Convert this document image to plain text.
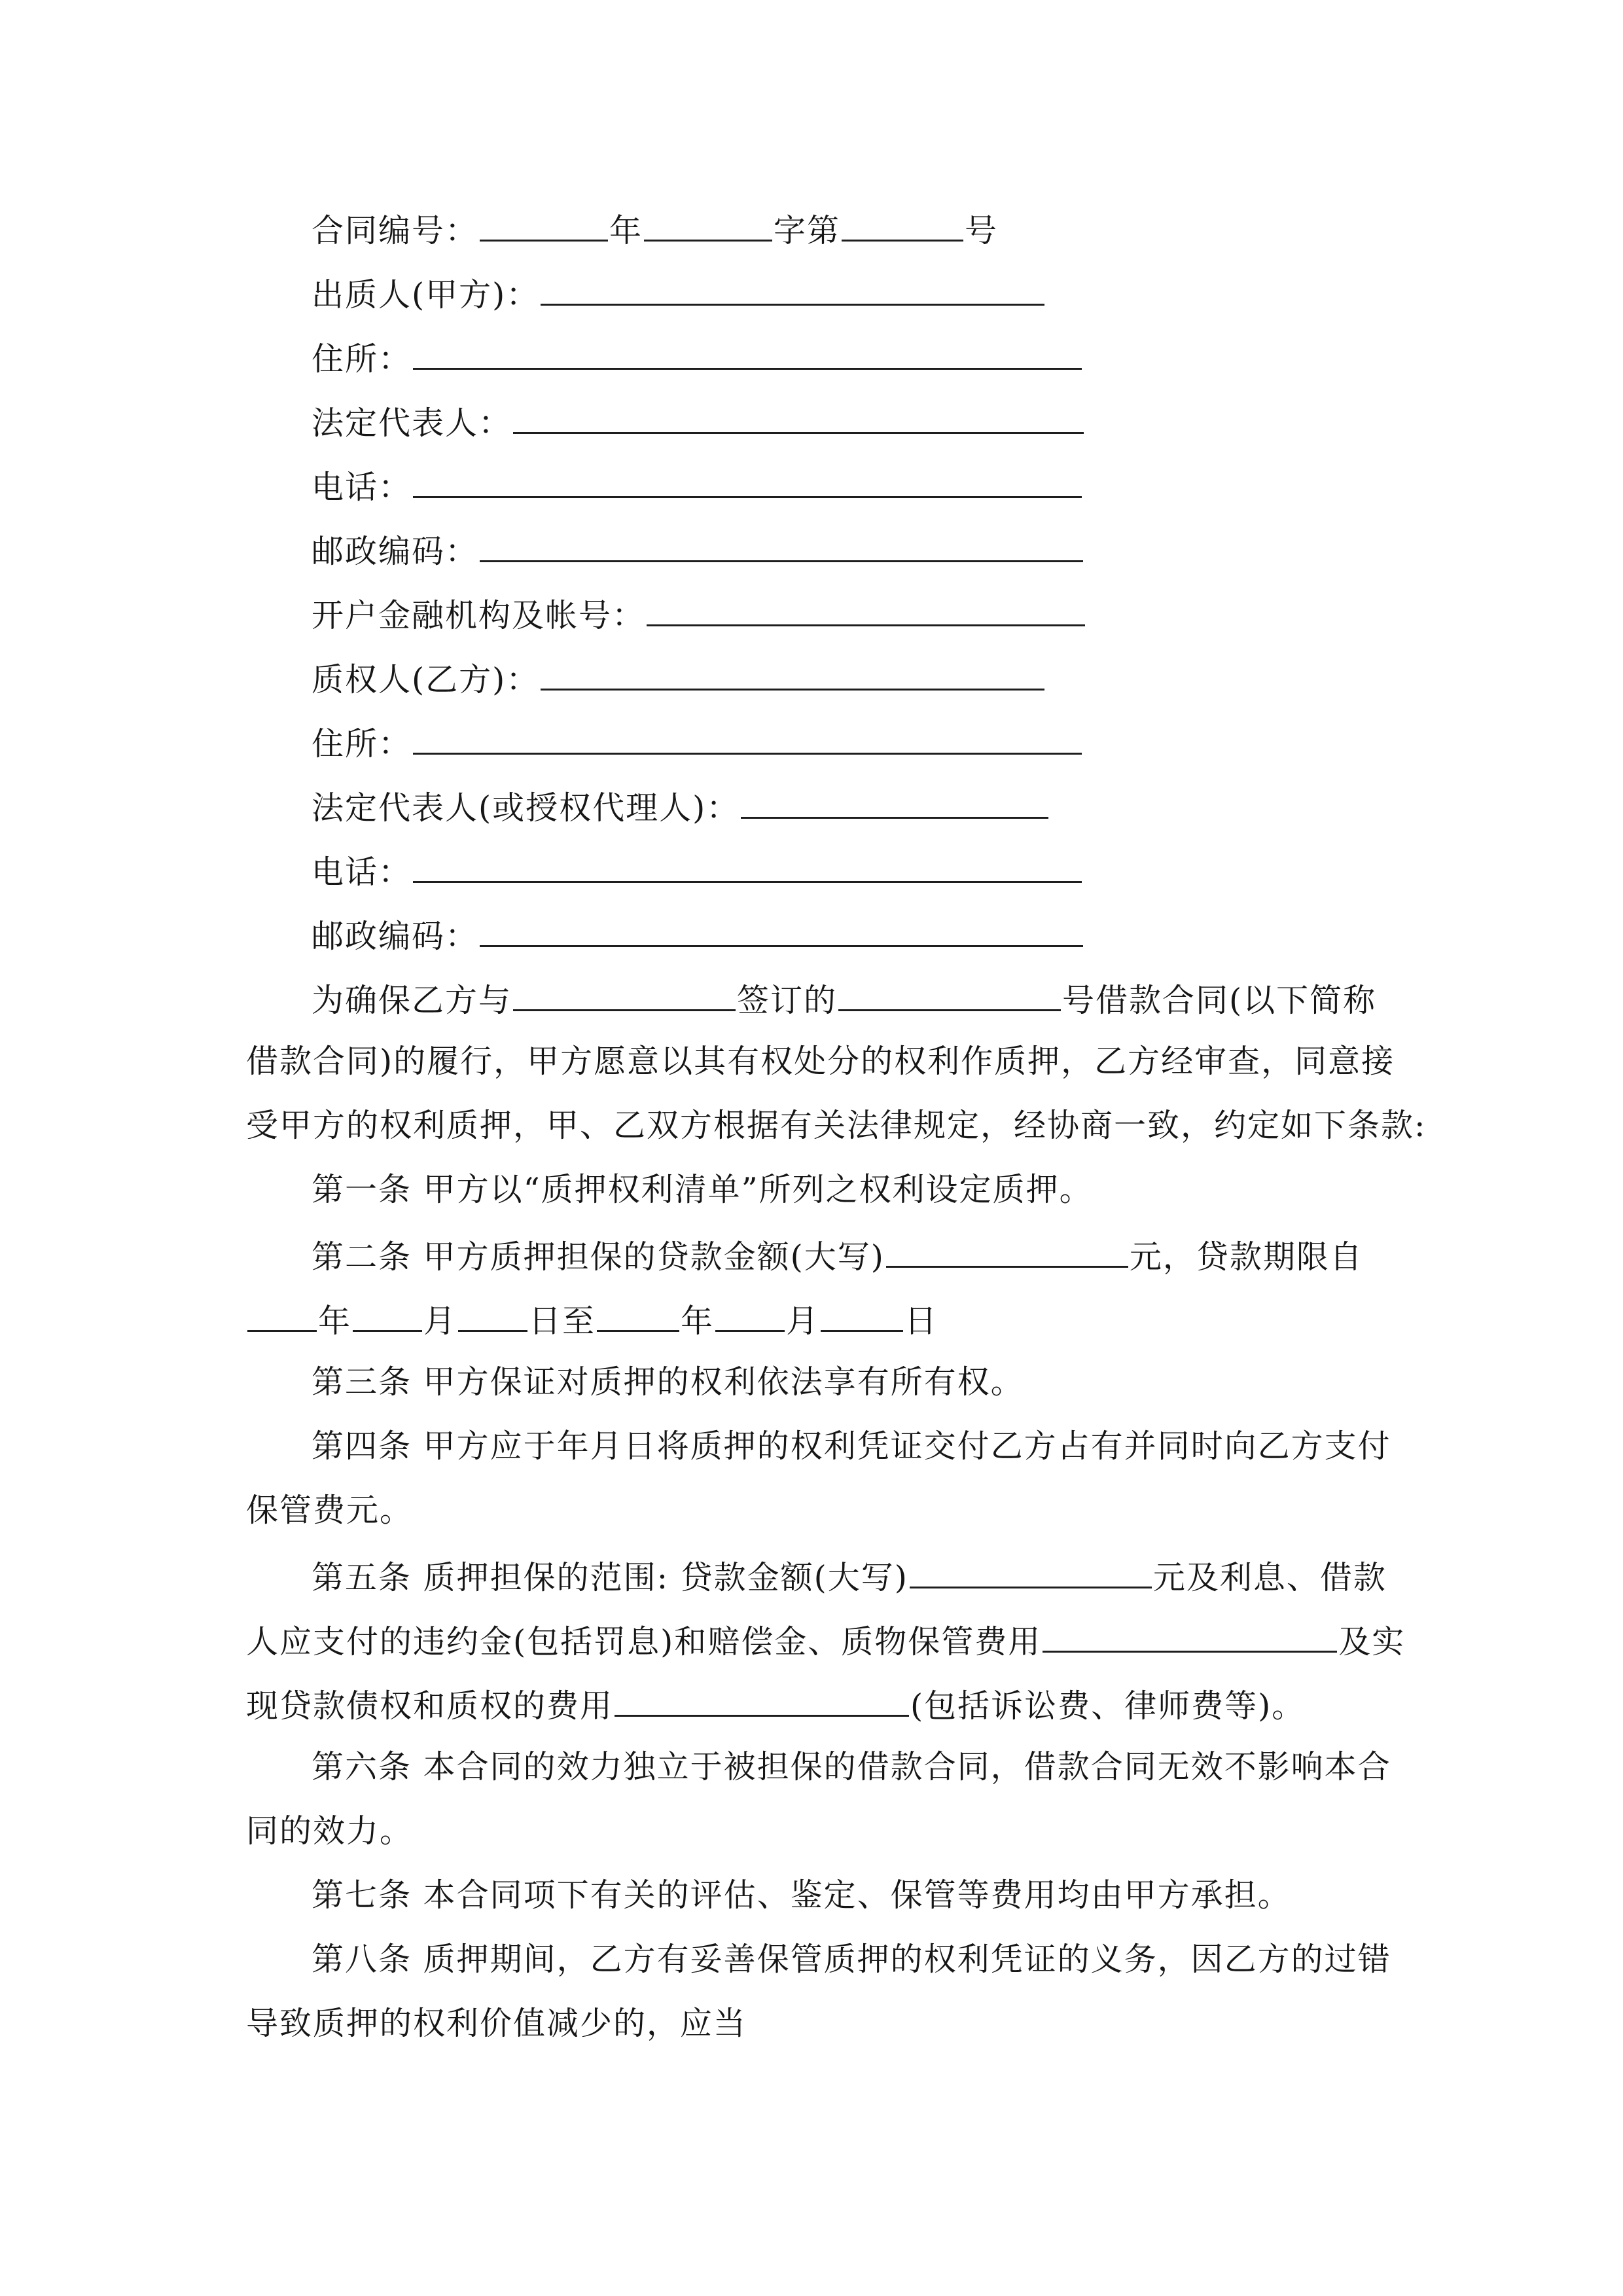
合同编号：	年	字第	号
出质人(甲方)：
住所：
法定代表人：
电话：
邮政编码：
开户金融机构及帐号：
质权人(乙方)：
住所：
法定代表人(或授权代理人)：
电话：
邮政编码：
为确保乙方与	签订的	号借款合同(以下简称
借款合同)的履行，甲方愿意以其有权处分的权利作质押，乙方经审查，同意接
受甲方的权利质押，甲、乙双方根据有关法律规定，经协商一致，约定如下条款:
第一条 甲方以“质押权利清单”所列之权利设定质押。
第二条 甲方质押担保的贷款金额(大写)	元，贷款期限自
年 月 日至	年 月	日
第三条 甲方保证对质押的权利依法享有所有权。
第四条 甲方应于年月日将质押的权利凭证交付乙方占有并同时向乙方支付
保管费元。
第五条 质押担保的范围: 贷款金额(大写)	元及利息、借款
人应支付的违约金(包括罚息)和赔偿金、质物保管费用	及实
现贷款债权和质权的费用	(包括诉讼费、律师费等)。
第六条 本合同的效力独立于被担保的借款合同，借款合同无效不影响本合
同的效力。
第七条 本合同项下有关的评估、鉴定、保管等费用均由甲方承担。
第八条 质押期间，乙方有妥善保管质押的权利凭证的义务，因乙方的过错
导致质押的权利价值减少的，应当
